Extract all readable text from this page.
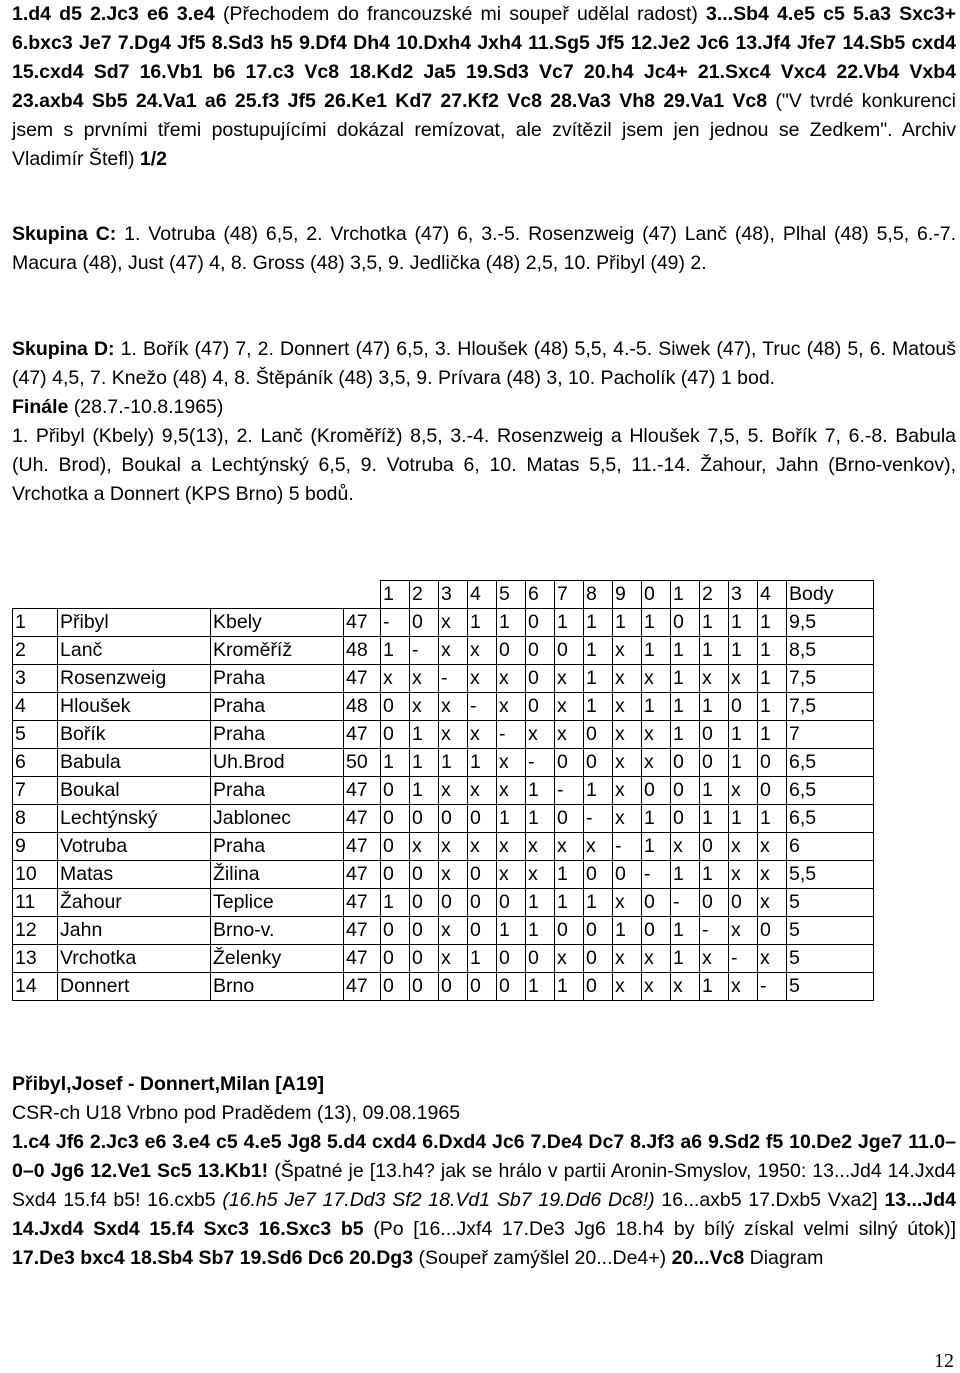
1.d4 d5 2.Jc3 e6 3.e4 (Přechodem do francouzské mi soupeř udělal radost) 3...Sb4 4.e5 c5 5.a3 Sxc3+ 6.bxc3 Je7 7.Dg4 Jf5 8.Sd3 h5 9.Df4 Dh4 10.Dxh4 Jxh4 11.Sg5 Jf5 12.Je2 Jc6 13.Jf4 Jfe7 14.Sb5 cxd4 15.cxd4 Sd7 16.Vb1 b6 17.c3 Vc8 18.Kd2 Ja5 19.Sd3 Vc7 20.h4 Jc4+ 21.Sxc4 Vxc4 22.Vb4 Vxb4 23.axb4 Sb5 24.Va1 a6 25.f3 Jf5 26.Ke1 Kd7 27.Kf2 Vc8 28.Va3 Vh8 29.Va1 Vc8 ("V tvrdé konkurenci jsem s prvními třemi postupujícími dokázal remízovat, ale zvítězil jsem jen jednou se Zedkem". Archiv Vladimír Štefl) 1/2

Skupina C: 1. Votruba (48) 6,5, 2. Vrchotka (47) 6, 3.-5. Rosenzweig (47) Lanč (48), Plhal (48) 5,5, 6.-7. Macura (48), Just (47) 4, 8. Gross (48) 3,5, 9. Jedlička (48) 2,5, 10. Přibyl (49) 2.

Skupina D: 1. Bořík (47) 7, 2. Donnert (47) 6,5, 3. Hloušek (48) 5,5, 4.-5. Siwek (47), Truc (48) 5, 6. Matouš (47) 4,5, 7. Knežo (48) 4, 8. Štěpáník (48) 3,5, 9. Prívara (48) 3, 10. Pacholík (47) 1 bod.

Finále (28.7.-10.8.1965)

1. Přibyl (Kbely) 9,5(13), 2. Lanč (Kroměříž) 8,5, 3.-4. Rosenzweig a Hloušek 7,5, 5. Bořík 7, 6.-8. Babula (Uh. Brod), Boukal a Lechtýnský 6,5, 9. Votruba 6, 10. Matas 5,5, 11.-14. Žahour, Jahn (Brno-venkov), Vrchotka a Donnert (KPS Brno) 5 bodů.

				1	2	3	4	5	6	7	8	9	0	1	2	3	4	Body
1	Přibyl	Kbely	47	-	0	x	1	1	0	1	1	1	1	0	1	1	1	9,5
2	Lanč	Kroměříž	48	1	-	x	x	0	0	0	1	x	1	1	1	1	1	8,5
3	Rosenzweig	Praha	47	x	x	-	x	x	0	x	1	x	x	1	x	x	1	7,5
4	Hloušek	Praha	48	0	x	x	-	x	0	x	1	x	1	1	1	0	1	7,5
5	Bořík	Praha	47	0	1	x	x	-	x	x	0	x	x	1	0	1	1	7
6	Babula	Uh.Brod	50	1	1	1	1	x	-	0	0	x	x	0	0	1	0	6,5
7	Boukal	Praha	47	0	1	x	x	x	1	-	1	x	0	0	1	x	0	6,5
8	Lechtýnský	Jablonec	47	0	0	0	0	1	1	0	-	x	1	0	1	1	1	6,5
9	Votruba	Praha	47	0	x	x	x	x	x	x	x	-	1	x	0	x	x	6
10	Matas	Žilina	47	0	0	x	0	x	x	1	0	0	-	1	1	x	x	5,5
11	Žahour	Teplice	47	1	0	0	0	0	1	1	1	x	0	-	0	0	x	5
12	Jahn	Brno-v.	47	0	0	x	0	1	1	0	0	1	0	1	-	x	0	5
13	Vrchotka	Želenky	47	0	0	x	1	0	0	x	0	x	x	1	x	-	x	5
14	Donnert	Brno	47	0	0	0	0	0	1	1	0	x	x	x	1	x	-	5

Přibyl,Josef - Donnert,Milan [A19]

CSR-ch U18 Vrbno pod Pradědem (13), 09.08.1965

1.c4 Jf6 2.Jc3 e6 3.e4 c5 4.e5 Jg8 5.d4 cxd4 6.Dxd4 Jc6 7.De4 Dc7 8.Jf3 a6 9.Sd2 f5 10.De2 Jge7 11.0–0–0 Jg6 12.Ve1 Sc5 13.Kb1! (Špatné je [13.h4? jak se hrálo v partii Aronin-Smyslov, 1950: 13...Jd4 14.Jxd4 Sxd4 15.f4 b5! 16.cxb5 (16.h5 Je7 17.Dd3 Sf2 18.Vd1 Sb7 19.Dd6 Dc8!) 16...axb5 17.Dxb5 Vxa2] 13...Jd4 14.Jxd4 Sxd4 15.f4 Sxc3 16.Sxc3 b5 (Po [16...Jxf4 17.De3 Jg6 18.h4 by bílý získal velmi silný útok)] 17.De3 bxc4 18.Sb4 Sb7 19.Sd6 Dc6 20.Dg3 (Soupeř zamýšlel 20...De4+) 20...Vc8 Diagram

12
